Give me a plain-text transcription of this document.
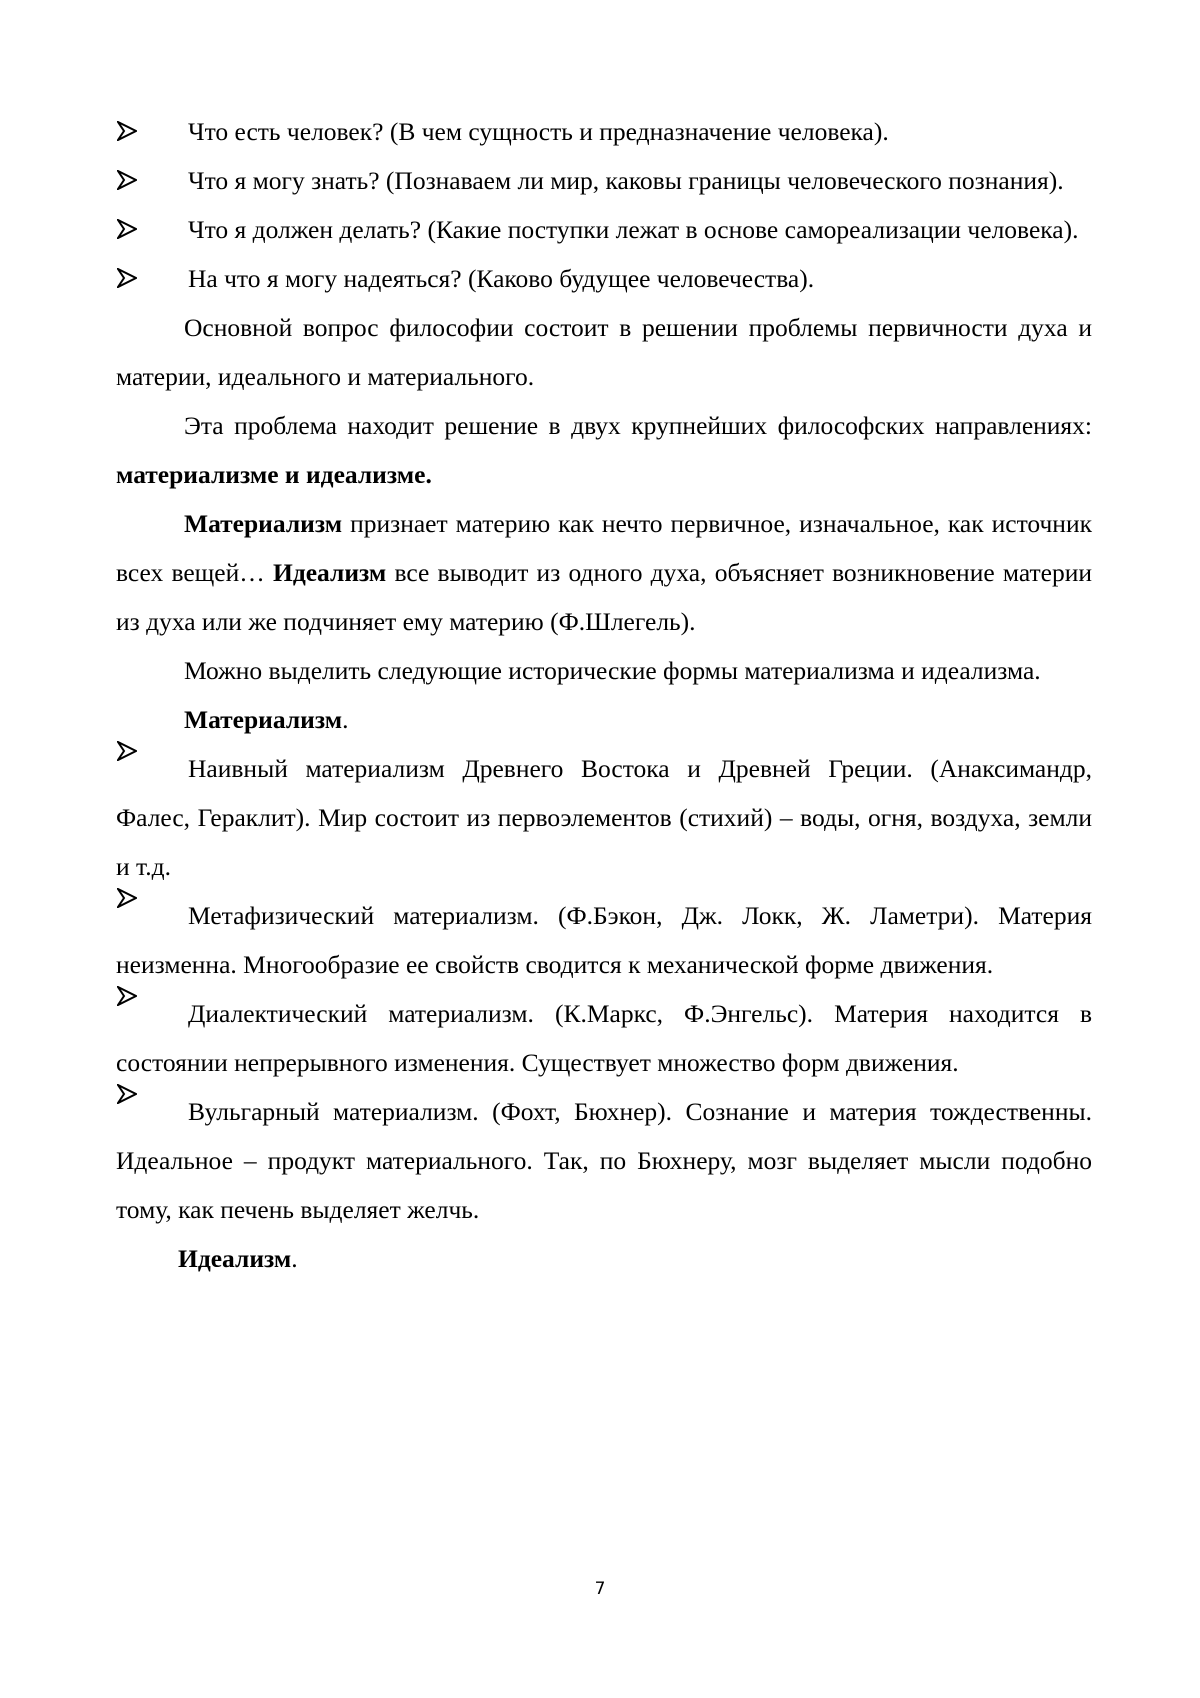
Что есть человек? (В чем сущность и предназначение человека).

Что я могу знать? (Познаваем ли мир, каковы границы человеческого познания).

Что я должен делать? (Какие поступки лежат в основе самореализации человека).

На что я могу надеяться? (Каково будущее человечества).

Основной вопрос философии состоит в решении проблемы первичности духа и материи, идеального и материального.

Эта проблема находит решение в двух крупнейших философских направлениях: материализме и идеализме.

Материализм признает материю как нечто первичное, изначальное, как источник всех вещей… Идеализм все выводит из одного духа, объясняет возникновение материи из духа или же подчиняет ему материю (Ф.Шлегель).

Можно выделить следующие исторические формы материализма и идеализма.

Материализм.

Наивный материализм Древнего Востока и Древней Греции. (Анаксимандр, Фалес, Гераклит). Мир состоит из первоэлементов (стихий) – воды, огня, воздуха, земли и т.д.

Метафизический материализм. (Ф.Бэкон, Дж. Локк, Ж. Ламетри). Материя неизменна. Многообразие ее свойств сводится к механической форме движения.

Диалектический материализм. (К.Маркс, Ф.Энгельс). Материя находится в состоянии непрерывного изменения. Существует множество форм движения.

Вульгарный материализм. (Фохт, Бюхнер). Сознание и материя тождественны. Идеальное – продукт материального. Так, по Бюхнеру, мозг выделяет мысли подобно тому, как печень выделяет желчь.

Идеализм.

7
